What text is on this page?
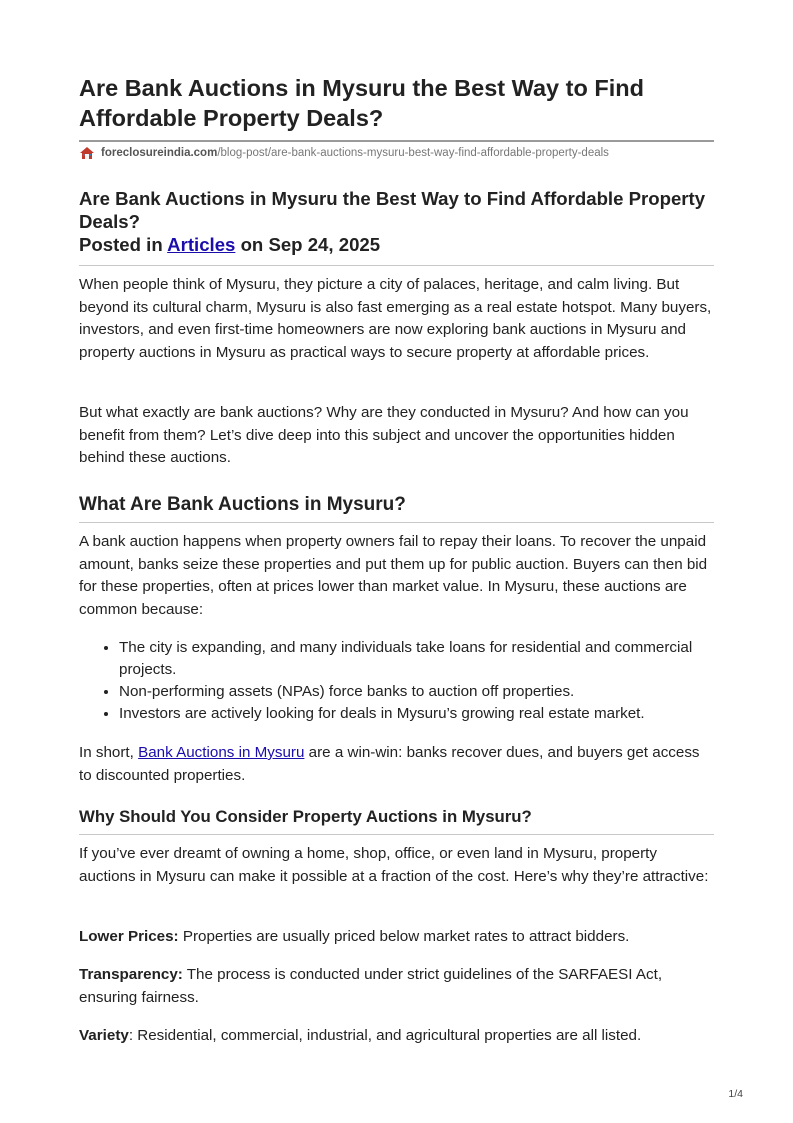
Are Bank Auctions in Mysuru the Best Way to Find Affordable Property Deals?
foreclosureindia.com /blog-post/are-bank-auctions-mysuru-best-way-find-affordable-property-deals
Are Bank Auctions in Mysuru the Best Way to Find Affordable Property Deals?
Posted in Articles on Sep 24, 2025

When people think of Mysuru, they picture a city of palaces, heritage, and calm living. But beyond its cultural charm, Mysuru is also fast emerging as a real estate hotspot. Many buyers, investors, and even first-time homeowners are now exploring bank auctions in Mysuru and property auctions in Mysuru as practical ways to secure property at affordable prices.

But what exactly are bank auctions? Why are they conducted in Mysuru? And how can you benefit from them? Let’s dive deep into this subject and uncover the opportunities hidden behind these auctions.

What Are Bank Auctions in Mysuru?

A bank auction happens when property owners fail to repay their loans. To recover the unpaid amount, banks seize these properties and put them up for public auction. Buyers can then bid for these properties, often at prices lower than market value. In Mysuru, these auctions are common because:

• The city is expanding, and many individuals take loans for residential and commercial projects.
• Non-performing assets (NPAs) force banks to auction off properties.
• Investors are actively looking for deals in Mysuru’s growing real estate market.

In short, Bank Auctions in Mysuru are a win-win: banks recover dues, and buyers get access to discounted properties.

Why Should You Consider Property Auctions in Mysuru?

If you’ve ever dreamt of owning a home, shop, office, or even land in Mysuru, property auctions in Mysuru can make it possible at a fraction of the cost. Here’s why they’re attractive:

Lower Prices: Properties are usually priced below market rates to attract bidders.

Transparency: The process is conducted under strict guidelines of the SARFAESI Act, ensuring fairness.

Variety: Residential, commercial, industrial, and agricultural properties are all listed.

1/4
